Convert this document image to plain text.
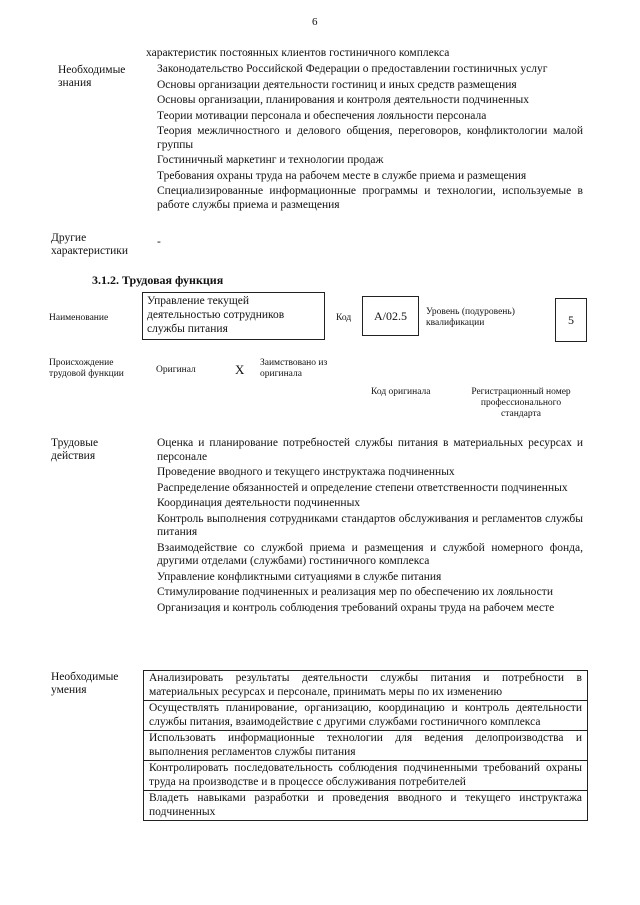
6
характеристик постоянных клиентов гостиничного комплекса
Необходимые знания
Законодательство Российской Федерации о предоставлении гостиничных услуг
Основы организации деятельности гостиниц и иных средств размещения
Основы организации, планирования и контроля деятельности подчиненных
Теории мотивации персонала и обеспечения лояльности персонала
Теория межличностного и делового общения, переговоров, конфликтологии малой группы
Гостиничный маркетинг и технологии продаж
Требования охраны труда на рабочем месте в службе приема и размещения
Специализированные информационные программы и технологии, используемые в работе службы приема и размещения
Другие характеристики
-
3.1.2. Трудовая функция
Наименование
Управление текущей деятельностью сотрудников службы питания
Код	A/02.5	Уровень (подуровень) квалификации	5
Происхождение трудовой функции	Оригинал	X Заимствовано из оригинала
Код оригинала	Регистрационный номер профессионального стандарта
Трудовые действия
Оценка и планирование потребностей службы питания в материальных ресурсах и персонале
Проведение вводного и текущего инструктажа подчиненных
Распределение обязанностей и определение степени ответственности подчиненных
Координация деятельности подчиненных
Контроль выполнения сотрудниками стандартов обслуживания и регламентов службы питания
Взаимодействие со службой приема и размещения и службой номерного фонда, другими отделами (службами) гостиничного комплекса
Управление конфликтными ситуациями в службе питания
Стимулирование подчиненных и реализация мер по обеспечению их лояльности
Организация и контроль соблюдения требований охраны труда на рабочем месте
Необходимые умения
Анализировать результаты деятельности службы питания и потребности в материальных ресурсах и персонале, принимать меры по их изменению
Осуществлять планирование, организацию, координацию и контроль деятельности службы питания, взаимодействие с другими службами гостиничного комплекса
Использовать информационные технологии для ведения делопроизводства и выполнения регламентов службы питания
Контролировать последовательность соблюдения подчиненными требований охраны труда на производстве и в процессе обслуживания потребителей
Владеть навыками разработки и проведения вводного и текущего инструктажа подчиненных
